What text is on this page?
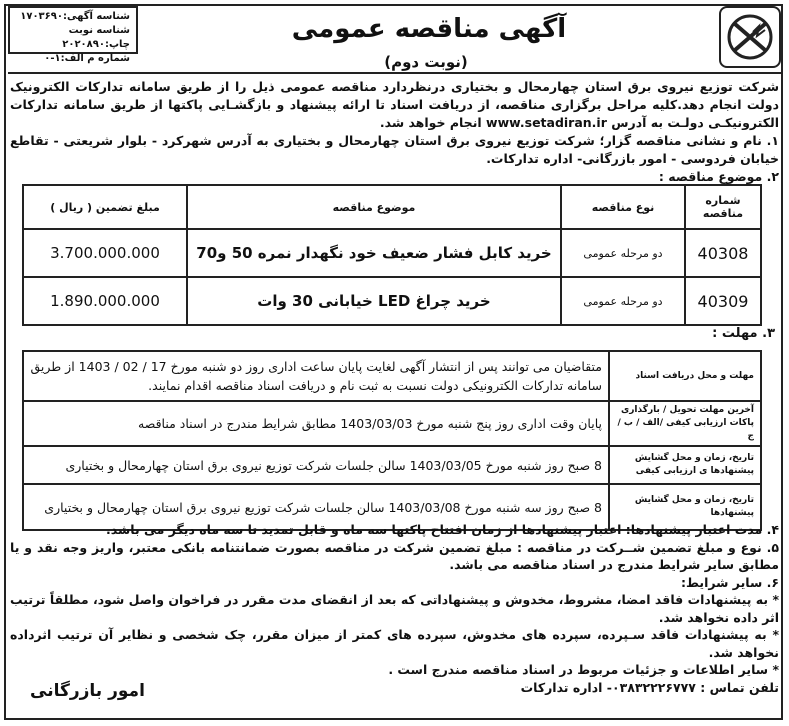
آگهی مناقصه عمومی (نوبت دوم)
شناسه آگهی:۱۷۰۳۶۹۰
شناسه نوبت چاپ:۲۰۲۰۸۹۰
شماره م الف:۱-۰

شرکت توزیع نیروی برق استان چهارمحال و بختیاری درنظردارد مناقصه عمومی ذیل را از طریق سامانه تدارکات الکترونیک دولت انجام دهد.کلیه مراحل برگزاری مناقصه، از دریافت اسناد تا ارائه پیشنهاد و بازگشـایی پاکتها از طریق سامانه تدارکات الکترونیکـی دولـت به آدرس www.setadiran.ir انجام خواهد شد.

۱. نام و نشانی مناقصه گزار؛ شرکت توزیع نیروی برق استان چهارمحال و بختیاری به آدرس شهرکرد - بلوار شریعتی - تقاطع خیابان فردوسی - امور بازرگانی- اداره تدارکات.

۲. موضوع مناقصه :

شماره مناقصه	نوع مناقصه	موضوع مناقصه	مبلغ تضمین ( ریال )
40308	دو مرحله عمومی	خرید کابل فشار ضعیف خود نگهدار نمره 50 و70	3.700.000.000
40309	دو مرحله عمومی	خرید چراغ LED خیابانی 30 وات	1.890.000.000
۳. مهلت :
مهلت و محل دریافت اسناد	متقاضیان می توانند پس از انتشار آگهی لغایت پایان ساعت اداری روز دو شنبه مورخ 17 / 02 / 1403 از طریق سامانه تدارکات الکترونیکی دولت نسبت به ثبت نام و دریافت اسناد مناقصه اقدام نمایند.
آخرین مهلت تحویل / بارگذاری پاکات ارزیابی کیفی /الف / ب / ج	پایان وقت اداری روز پنج شنبه مورخ 1403/03/03 مطابق شرایط مندرج در اسناد مناقصه
تاریخ، زمان و محل گشایش پیشنهادها ی ارزیابی کیفی	8 صبح روز شنبه مورخ 1403/03/05 سالن جلسات شرکت توزیع نیروی برق استان چهارمحال و بختیاری
تاریخ، زمان و محل گشایش پیشنهادها	8 صبح روز سه شنبه مورخ 1403/03/08 سالن جلسات شرکت توزیع نیروی برق استان چهارمحال و بختیاری

۴. مدت اعتبار پیشنهادها: اعتبار پیشنهادها از زمان افتتاح پاکتها سه ماه و قابل تمدید تا سه ماه دیگر می باشد.

۵. نوع و مبلغ تضمین شــرکت در مناقصه : مبلغ تضمین شرکت در مناقصه بصورت ضمانتنامه بانکی معتبر، واریز وجه نقد و یا مطابق سایر شرایط مندرج در اسناد مناقصه می باشد.

۶. سایر شرایط:

* به پیشنهادات فاقد امضا، مشروط، مخدوش و پیشنهاداتی که بعد از انقضای مدت مقرر در فراخوان واصل شود، مطلقاً ترتیب اثر داده نخواهد شد.

* به پیشنهادات فاقد سـپرده، سپرده های مخدوش، سپرده های کمتر از میزان مقرر، چک شخصی و نظایر آن ترتیب اثرداده نخواهد شد.

* سایر اطلاعات و جزئیات مربوط در اسناد مناقصه مندرج است .

تلفن تماس : ۰۳۸۳۲۲۲۶۷۷۷- اداره تدارکات

امور بازرگانی
